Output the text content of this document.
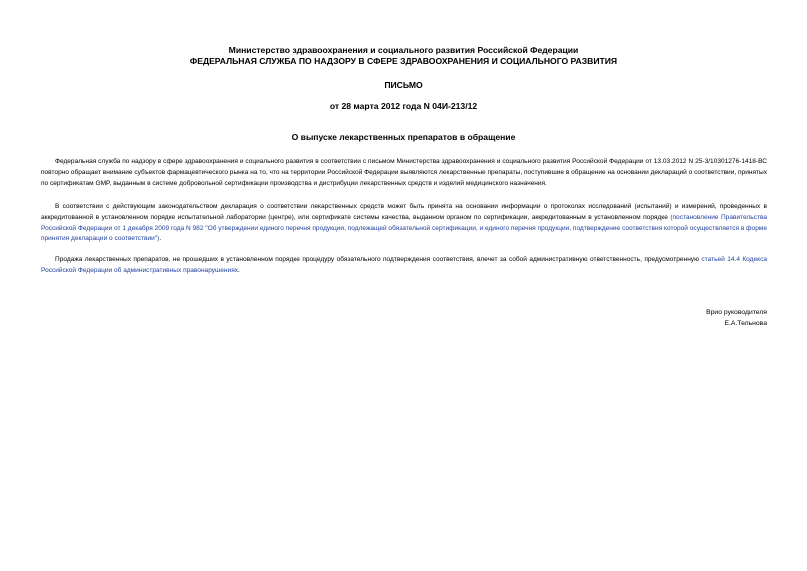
Министерство здравоохранения и социального развития Российской Федерации
ФЕДЕРАЛЬНАЯ СЛУЖБА ПО НАДЗОРУ В СФЕРЕ ЗДРАВООХРАНЕНИЯ И СОЦИАЛЬНОГО РАЗВИТИЯ
ПИСЬМО
от 28 марта 2012 года N 04И-213/12
О выпуске лекарственных препаратов в обращение

Федеральная служба по надзору в сфере здравоохранения и социального развития в соответствии с письмом Министерства здравоохранения и социального развития Российской Федерации от 13.03.2012 N 25-3/10301276-1418-ВС повторно обращает внимание субъектов фармацевтического рынка на то, что на территории Российской Федерации выявляются лекарственные препараты, поступившие в обращение на основании деклараций о соответствии, принятых по сертификатам GMP, выданным в системе добровольной сертификации производства и дистрибуции лекарственных средств и изделий медицинского назначения.

В соответствии с действующим законодательством декларация о соответствии лекарственных средств может быть принята на основании информации о протоколах исследований (испытаний) и измерений, проведенных в аккредитованной в установленном порядке испытательной лаборатории (центре), или сертификате системы качества, выданном органом по сертификации, аккредитованным в установленном порядке (постановление Правительства Российской Федерации от 1 декабря 2009 года N 982 "Об утверждении единого перечня продукции, подлежащей обязательной сертификации, и единого перечня продукции, подтверждение соответствия которой осуществляется в форме принятия декларации о соответствии").

Продажа лекарственных препаратов, не прошедших в установленном порядке процедуру обязательного подтверждения соответствия, влечет за собой административную ответственность, предусмотренную статьей 14.4 Кодекса Российской Федерации об административных правонарушениях.

Врио руководителя
Е.А.Тельнова
